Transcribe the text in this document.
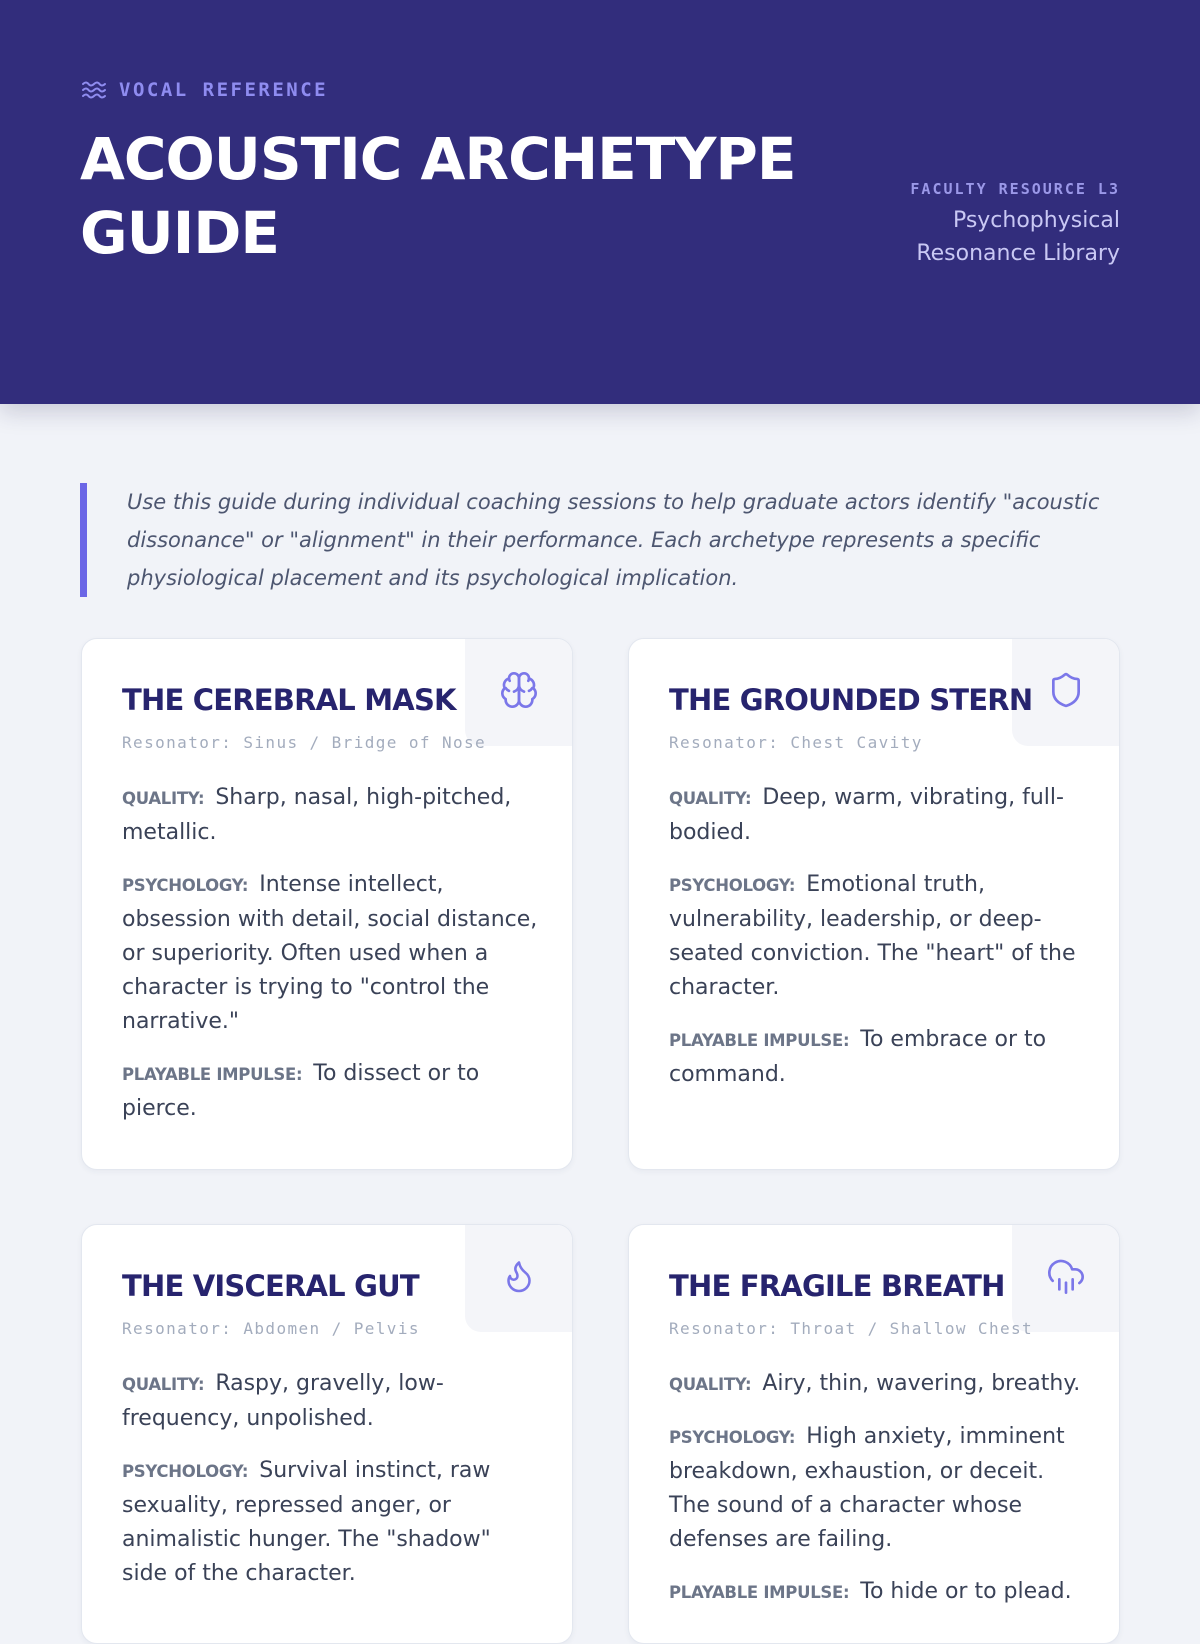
VOCAL REFERENCE
ACOUSTIC ARCHETYPE GUIDE
FACULTY RESOURCE L3
Psychophysical Resonance Library

Use this guide during individual coaching sessions to help graduate actors identify "acoustic dissonance" or "alignment" in their performance. Each archetype represents a specific physiological placement and its psychological implication.

THE CEREBRAL MASK
Resonator: Sinus / Bridge of Nose

QUALITY: Sharp, nasal, high-pitched, metallic.

PSYCHOLOGY: Intense intellect, obsession with detail, social distance, or superiority. Often used when a character is trying to "control the narrative."

PLAYABLE IMPULSE: To dissect or to pierce.

THE GROUNDED STERN
Resonator: Chest Cavity

QUALITY: Deep, warm, vibrating, full-bodied.

PSYCHOLOGY: Emotional truth, vulnerability, leadership, or deep-seated conviction. The "heart" of the character.

PLAYABLE IMPULSE: To embrace or to command.

THE VISCERAL GUT
Resonator: Abdomen / Pelvis

QUALITY: Raspy, gravelly, low-frequency, unpolished.

PSYCHOLOGY: Survival instinct, raw sexuality, repressed anger, or animalistic hunger. The "shadow" side of the character.

THE FRAGILE BREATH
Resonator: Throat / Shallow Chest

QUALITY: Airy, thin, wavering, breathy.

PSYCHOLOGY: High anxiety, imminent breakdown, exhaustion, or deceit. The sound of a character whose defenses are failing.

PLAYABLE IMPULSE: To hide or to plead.
